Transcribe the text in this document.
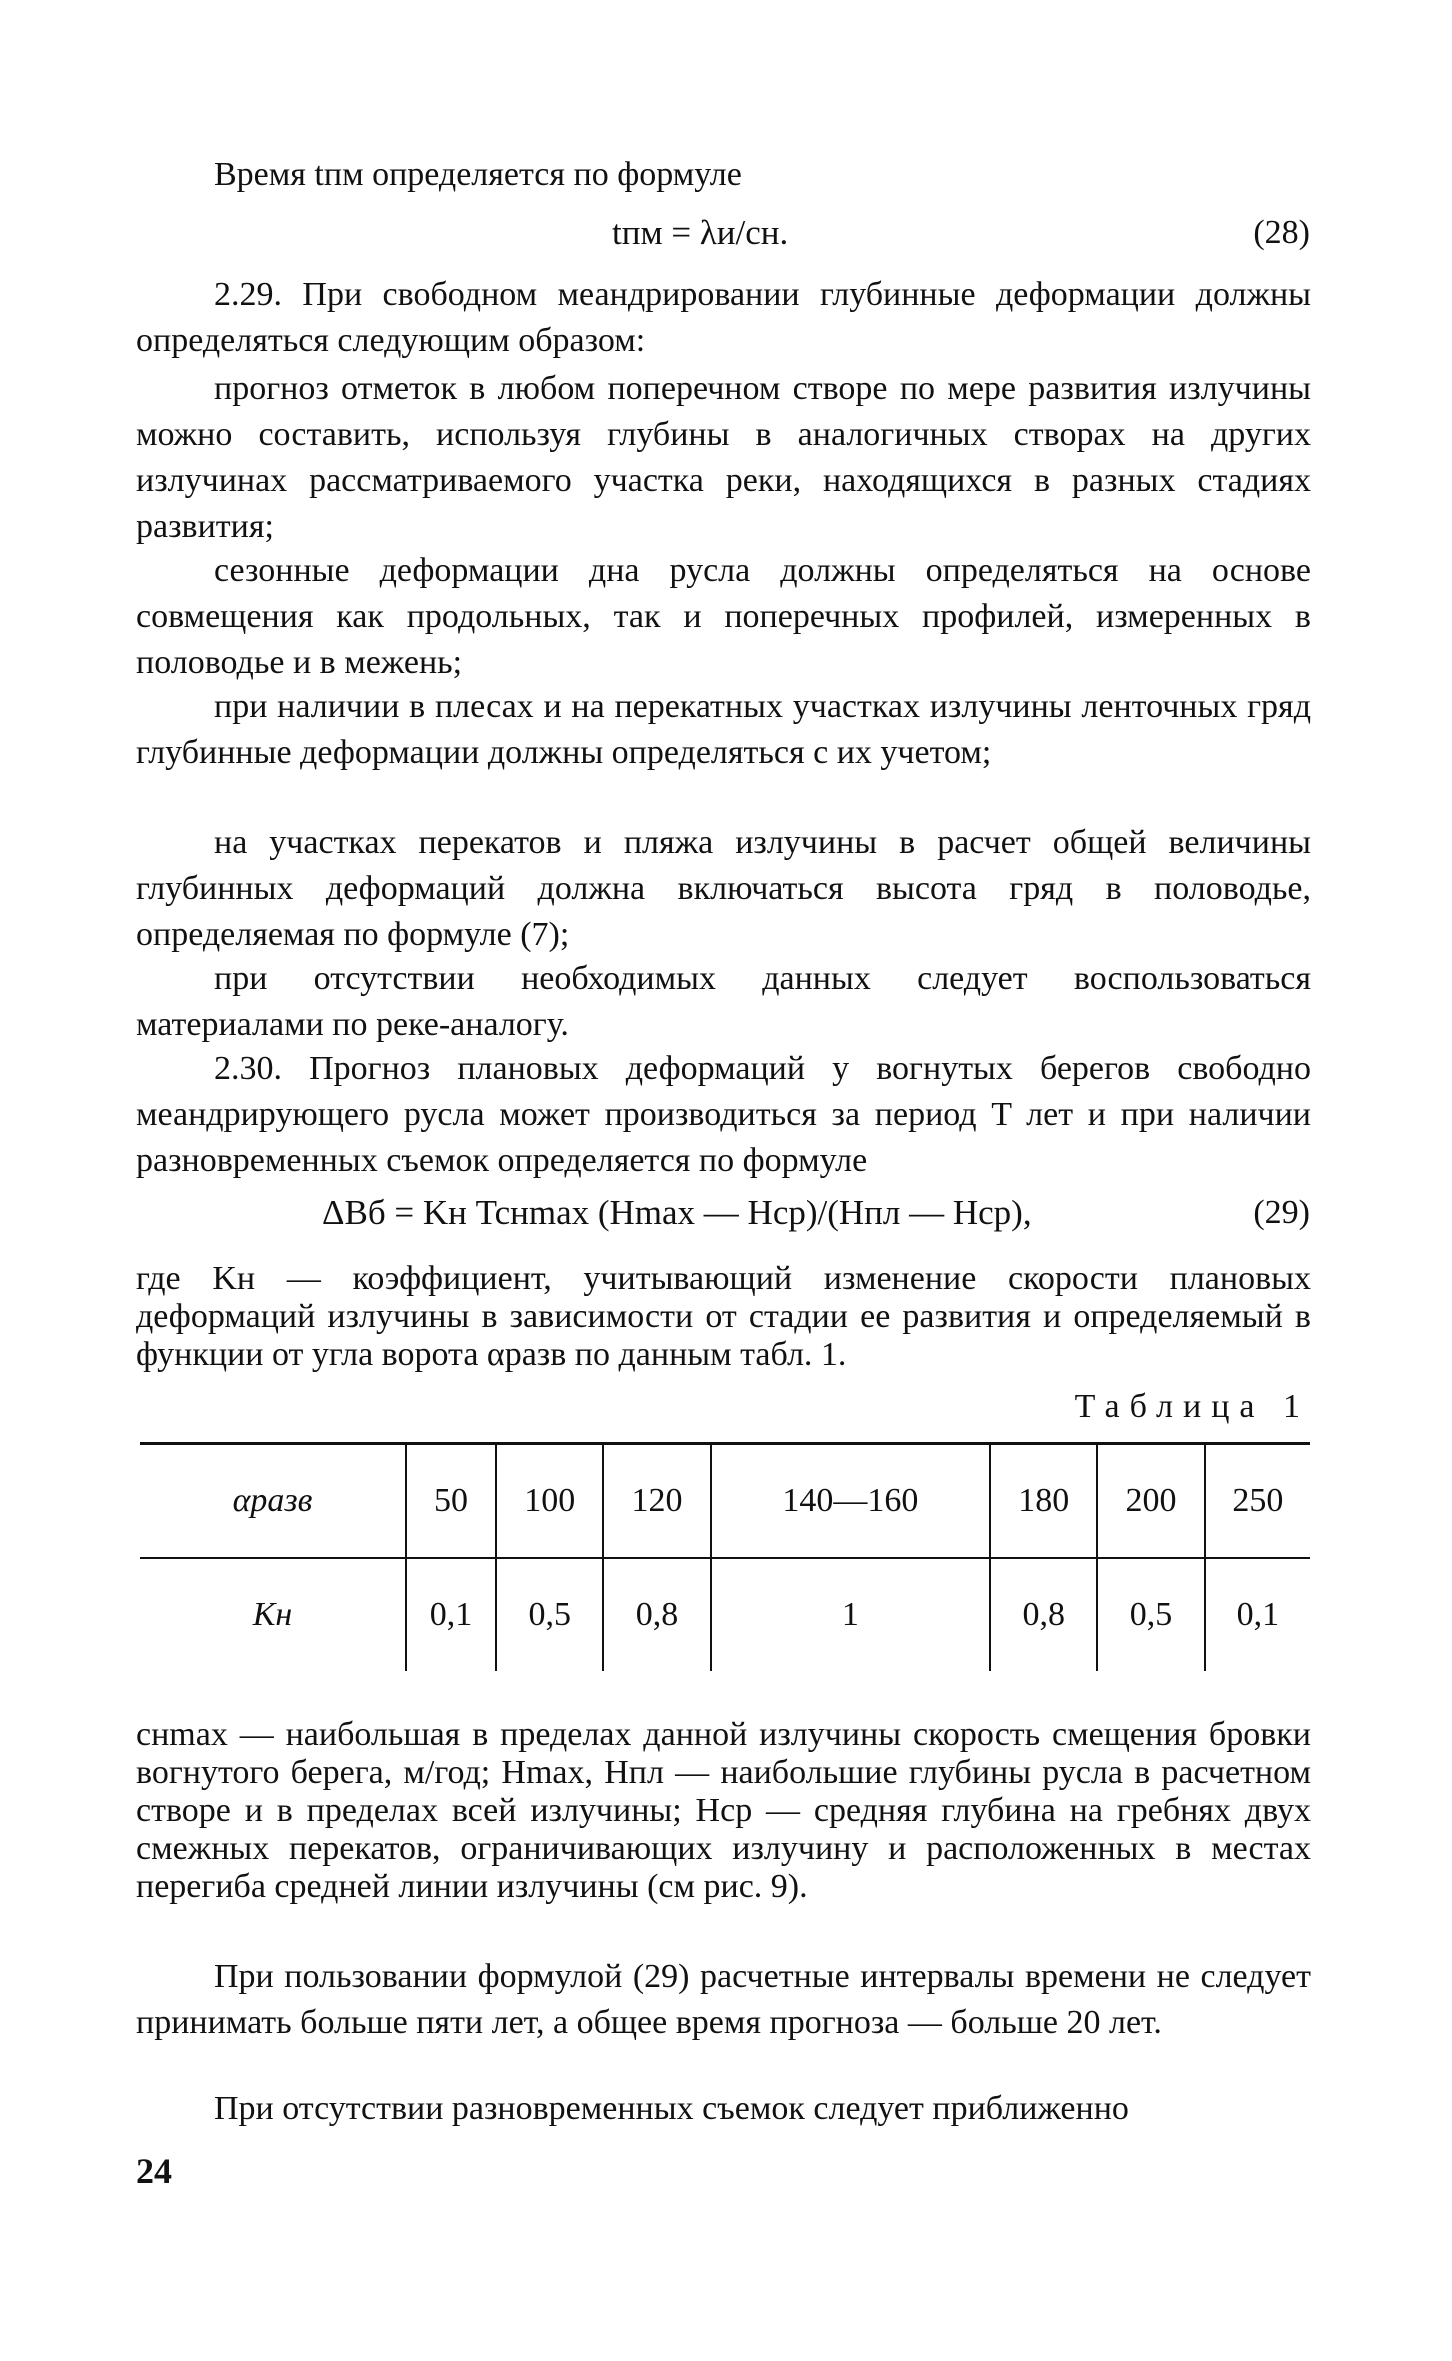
Время tпм определяется по формуле

tпм = λи/cн.	(28)

2.29. При свободном меандрировании глубинные деформации должны определяться следующим образом:

прогноз отметок в любом поперечном створе по мере развития излучины можно составить, используя глубины в аналогичных створах на других излучинах рассматриваемого участка реки, находящихся в разных стадиях развития;

сезонные деформации дна русла должны определяться на основе совмещения как продольных, так и поперечных профилей, измеренных в половодье и в межень;

при наличии в плесах и на перекатных участках излучины ленточных гряд глубинные деформации должны определяться с их учетом;

на участках перекатов и пляжа излучины в расчет общей величины глубинных деформаций должна включаться высота гряд в половодье, определяемая по формуле (7);

при отсутствии необходимых данных следует воспользоваться материалами по реке-аналогу.

2.30. Прогноз плановых деформаций у вогнутых берегов свободно меандрирующего русла может производиться за период T лет и при наличии разновременных съемок определяется по формуле

ΔBб = Kн Tcнmax (Hmax — Hср)/(Hпл — Hср),	(29)

где Kн — коэффициент, учитывающий изменение скорости плановых деформаций излучины в зависимости от стадии ее развития и определяемый в функции от угла ворота αразв по данным табл. 1.

Таблица 1

αразв	50	100	120	140—160	180	200	250
Kн	0,1	0,5	0,8	1	0,8	0,5	0,1

cнmax — наибольшая в пределах данной излучины скорость смещения бровки вогнутого берега, м/год; Hmax, Hпл — наибольшие глубины русла в расчетном створе и в пределах всей излучины; Hср — средняя глубина на гребнях двух смежных перекатов, ограничивающих излучину и расположенных в местах перегиба средней линии излучины (см рис. 9).

При пользовании формулой (29) расчетные интервалы времени не следует принимать больше пяти лет, а общее время прогноза — больше 20 лет.

При отсутствии разновременных съемок следует приближенно

24
